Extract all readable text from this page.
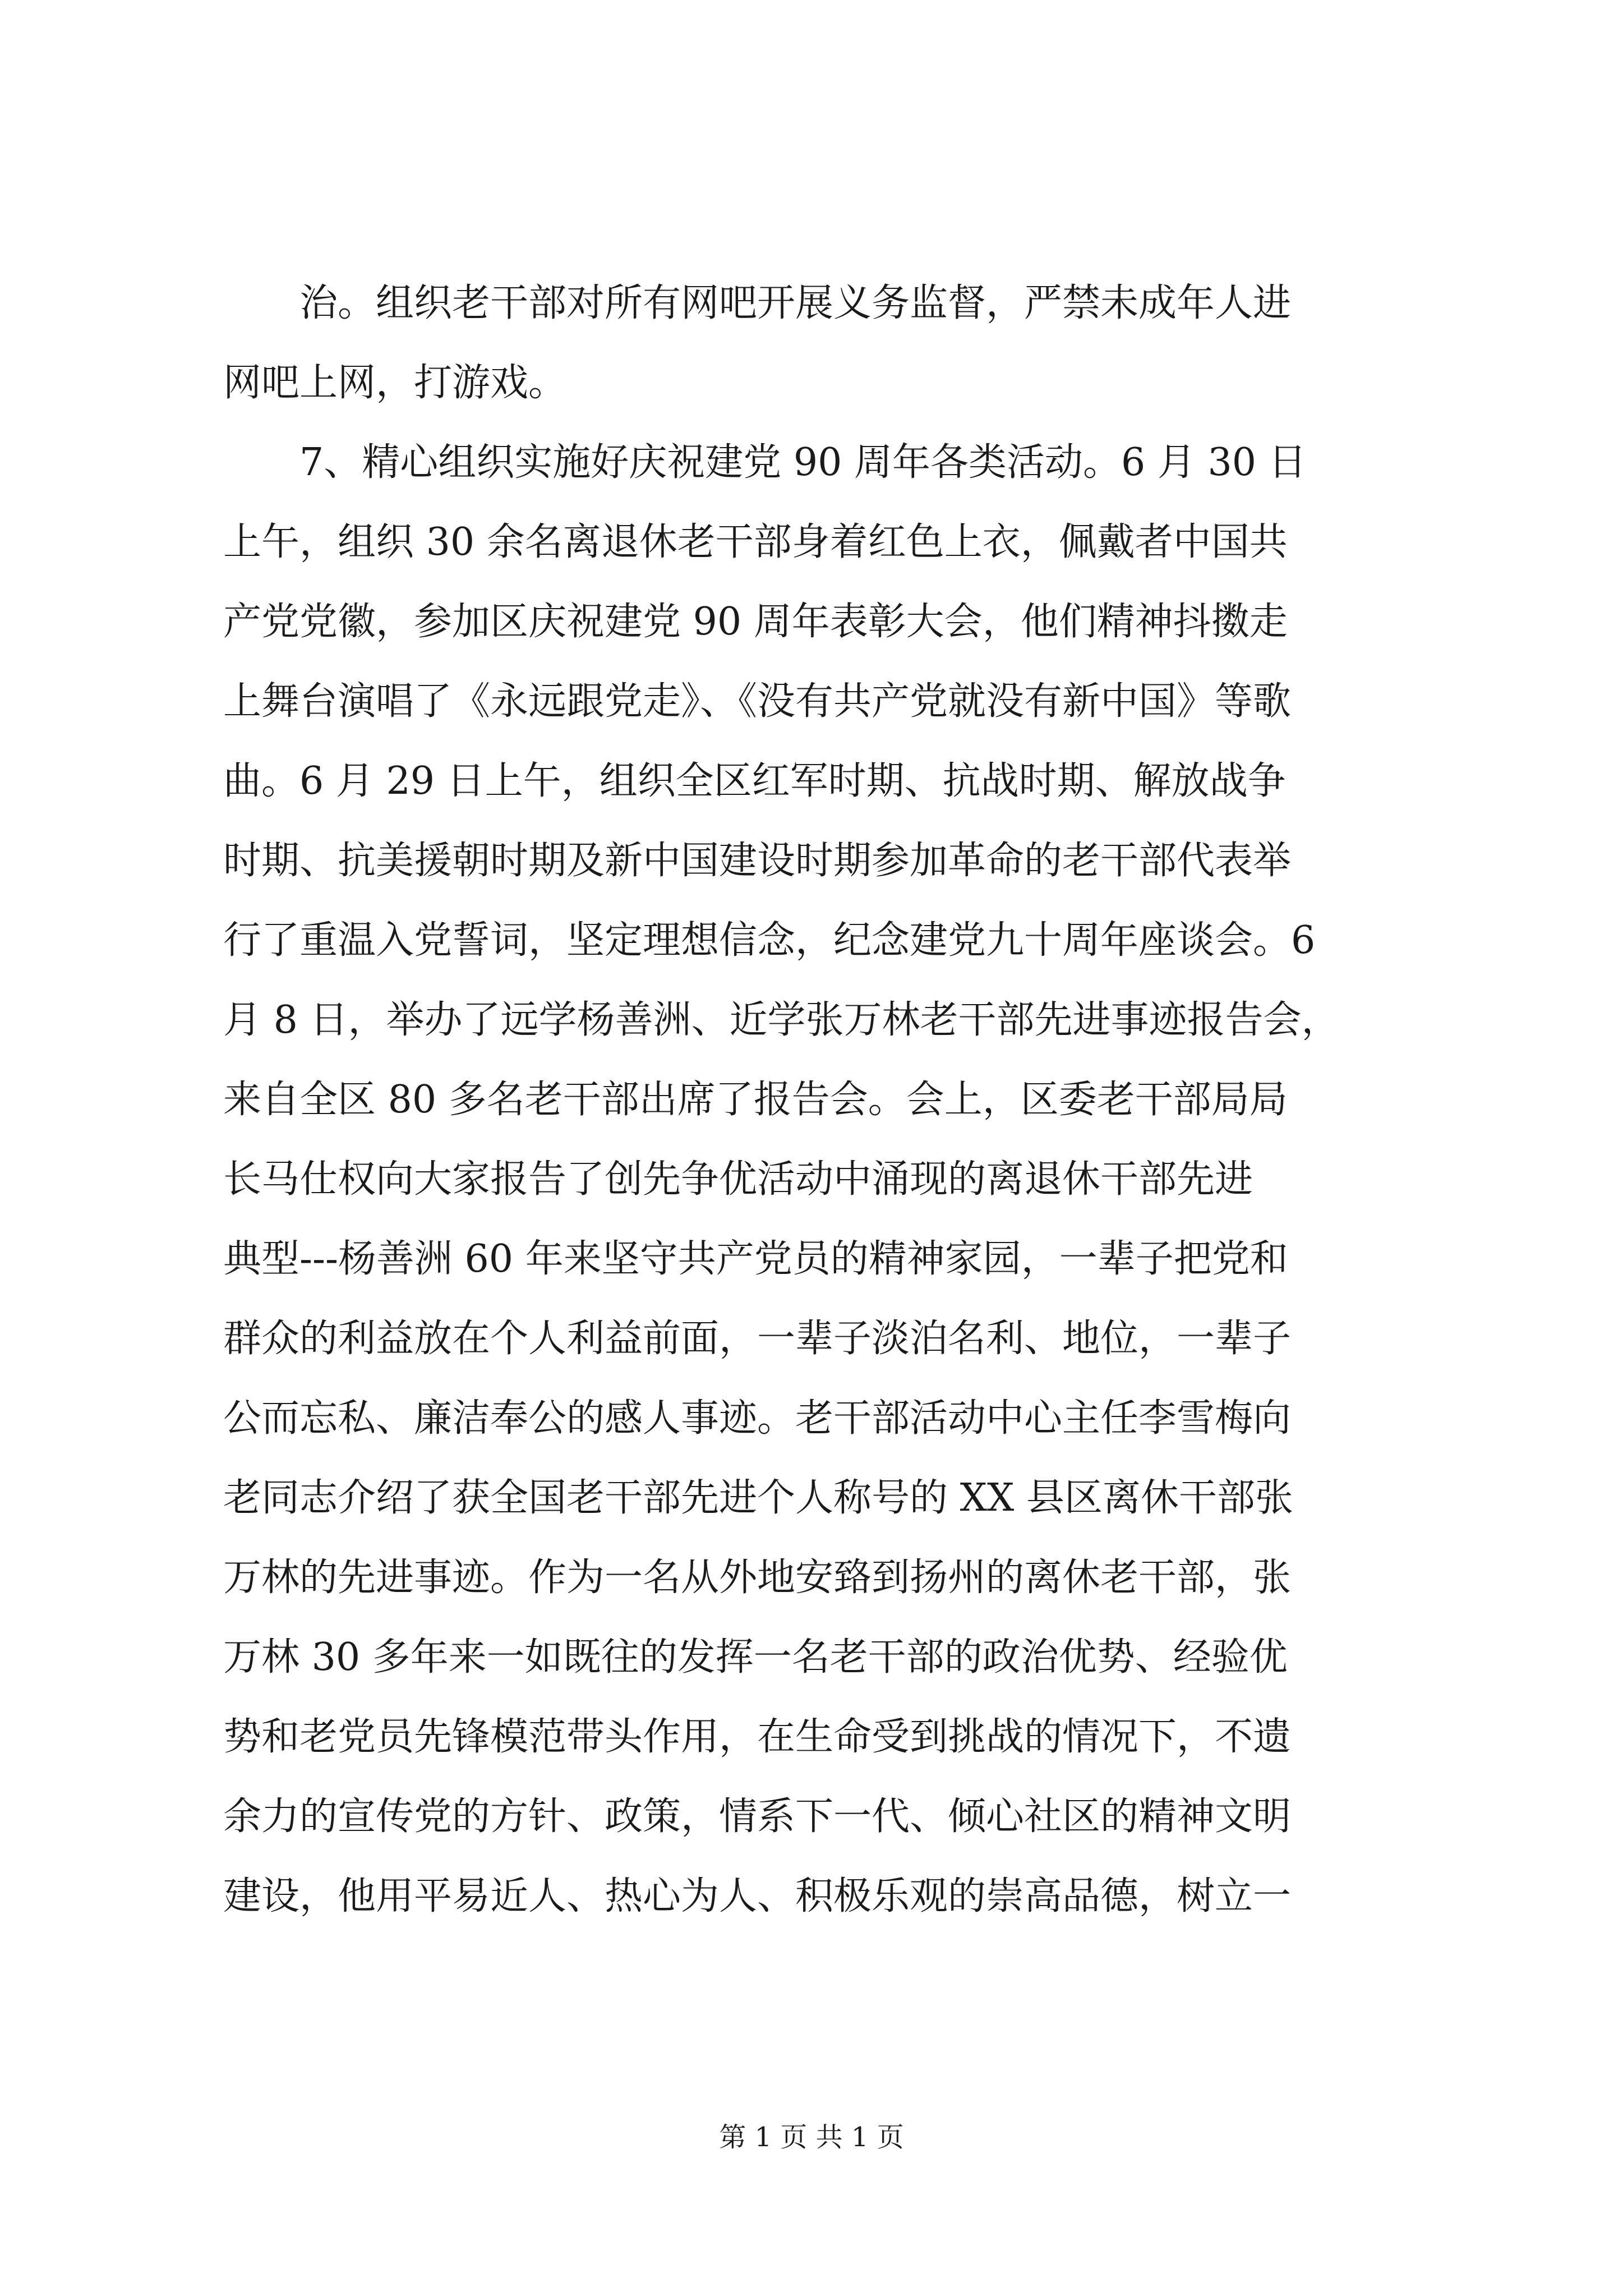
治。组织老干部对所有网吧开展义务监督，严禁未成年人进
网吧上网，打游戏。
7、精心组织实施好庆祝建党 90 周年各类活动。6 月 30 日
上午，组织 30 余名离退休老干部身着红色上衣，佩戴者中国共
产党党徽，参加区庆祝建党 90 周年表彰大会，他们精神抖擞走
上舞台演唱了《永远跟党走》、《没有共产党就没有新中国》等歌
曲。6 月 29 日上午，组织全区红军时期、抗战时期、解放战争
时期、抗美援朝时期及新中国建设时期参加革命的老干部代表举
行了重温入党誓词，坚定理想信念，纪念建党九十周年座谈会。6
月 8 日，举办了远学杨善洲、近学张万林老干部先进事迹报告会，
来自全区 80 多名老干部出席了报告会。会上，区委老干部局局
长马仕权向大家报告了创先争优活动中涌现的离退休干部先进
典型---杨善洲 60 年来坚守共产党员的精神家园，一辈子把党和
群众的利益放在个人利益前面，一辈子淡泊名利、地位，一辈子
公而忘私、廉洁奉公的感人事迹。老干部活动中心主任李雪梅向
老同志介绍了获全国老干部先进个人称号的 XX 县区离休干部张
万林的先进事迹。作为一名从外地安臵到扬州的离休老干部，张
万林 30 多年来一如既往的发挥一名老干部的政治优势、经验优
势和老党员先锋模范带头作用，在生命受到挑战的情况下，不遗
余力的宣传党的方针、政策，情系下一代、倾心社区的精神文明
建设，他用平易近人、热心为人、积极乐观的崇高品德，树立一
第 1 页 共 1 页
